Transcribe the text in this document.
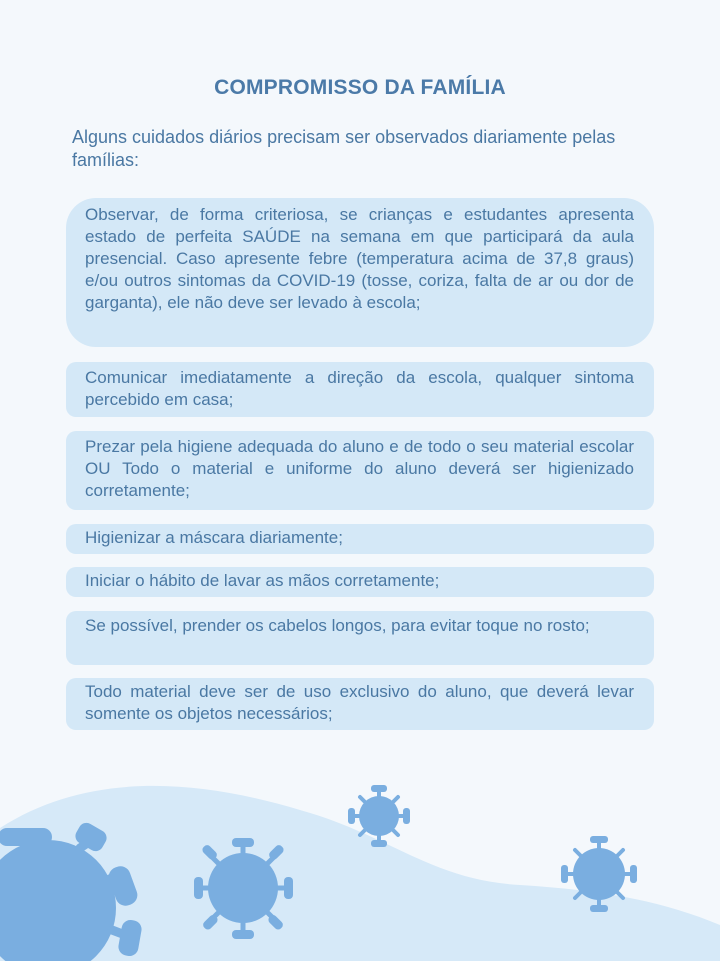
COMPROMISSO DA FAMÍLIA
Alguns cuidados diários precisam ser observados diariamente pelas famílias:
Observar, de forma criteriosa, se crianças e estudantes apresenta estado de perfeita SAÚDE na semana em que participará da aula presencial. Caso apresente febre (temperatura acima de 37,8 graus) e/ou outros sintomas da COVID-19 (tosse, coriza, falta de ar ou dor de garganta), ele não deve ser levado à escola;
Comunicar imediatamente a direção da escola, qualquer sintoma percebido em casa;
Prezar pela higiene adequada do aluno e de todo o seu material escolar OU Todo o material e uniforme do aluno deverá ser higienizado corretamente;
Higienizar a máscara diariamente;
Iniciar o hábito de lavar as mãos corretamente;
Se possível, prender os cabelos longos, para evitar toque no rosto;
Todo material deve ser de uso exclusivo do aluno, que deverá levar somente os objetos necessários;
